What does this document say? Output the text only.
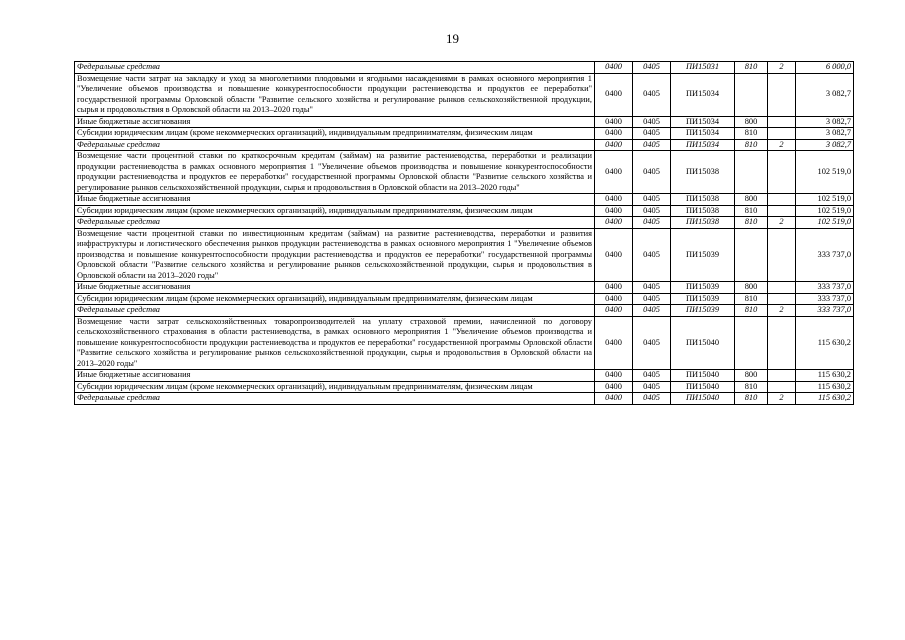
19
Федеральные средства	0400	0405	ПИ15031	810	2	6 000,0
Возмещение части затрат на закладку и уход за многолетними плодовыми и ягодными насаждениями в рамках основного мероприятия 1 "Увеличение объемов производства и повышение конкурентоспособности продукции растениеводства и продуктов ее переработки" государственной программы Орловской области "Развитие сельского хозяйства и регулирование рынков сельскохозяйственной продукции, сырья и продовольствия в Орловской области на 2013–2020 годы"	0400	0405	ПИ15034			3 082,7
Иные бюджетные ассигнования	0400	0405	ПИ15034	800		3 082,7
Субсидии юридическим лицам (кроме некоммерческих организаций), индивидуальным предпринимателям, физическим лицам	0400	0405	ПИ15034	810		3 082,7
Федеральные средства	0400	0405	ПИ15034	810	2	3 082,7
Возмещение части процентной ставки по краткосрочным кредитам (займам) на развитие растениеводства, переработки и реализации продукции растениеводства в рамках основного мероприятия 1 "Увеличение объемов производства и повышение конкурентоспособности продукции растениеводства и продуктов ее переработки" государственной программы Орловской области "Развитие сельского хозяйства и регулирование рынков сельскохозяйственной продукции, сырья и продовольствия в Орловской области на 2013–2020 годы"	0400	0405	ПИ15038			102 519,0
Иные бюджетные ассигнования	0400	0405	ПИ15038	800		102 519,0
Субсидии юридическим лицам (кроме некоммерческих организаций), индивидуальным предпринимателям, физическим лицам	0400	0405	ПИ15038	810		102 519,0
Федеральные средства	0400	0405	ПИ15038	810	2	102 519,0
Возмещение части процентной ставки по инвестиционным кредитам (займам) на развитие растениеводства, переработки и развития инфраструктуры и логистического обеспечения рынков продукции растениеводства в рамках основного мероприятия 1 "Увеличение объемов производства и повышение конкурентоспособности продукции растениеводства и продуктов ее переработки" государственной программы Орловской области "Развитие сельского хозяйства и регулирование рынков сельскохозяйственной продукции, сырья и продовольствия в Орловской области на 2013–2020 годы"	0400	0405	ПИ15039			333 737,0
Иные бюджетные ассигнования	0400	0405	ПИ15039	800		333 737,0
Субсидии юридическим лицам (кроме некоммерческих организаций), индивидуальным предпринимателям, физическим лицам	0400	0405	ПИ15039	810		333 737,0
Федеральные средства	0400	0405	ПИ15039	810	2	333 737,0
Возмещение части затрат сельскохозяйственных товаропроизводителей на уплату страховой премии, начисленной по договору сельскохозяйственного страхования в области растениеводства, в рамках основного мероприятия 1 "Увеличение объемов производства и повышение конкурентоспособности продукции растениеводства и продуктов ее переработки" государственной программы Орловской области "Развитие сельского хозяйства и регулирование рынков сельскохозяйственной продукции, сырья и продовольствия в Орловской области на 2013–2020 годы"	0400	0405	ПИ15040			115 630,2
Иные бюджетные ассигнования	0400	0405	ПИ15040	800		115 630,2
Субсидии юридическим лицам (кроме некоммерческих организаций), индивидуальным предпринимателям, физическим лицам	0400	0405	ПИ15040	810		115 630,2
Федеральные средства	0400	0405	ПИ15040	810	2	115 630,2
